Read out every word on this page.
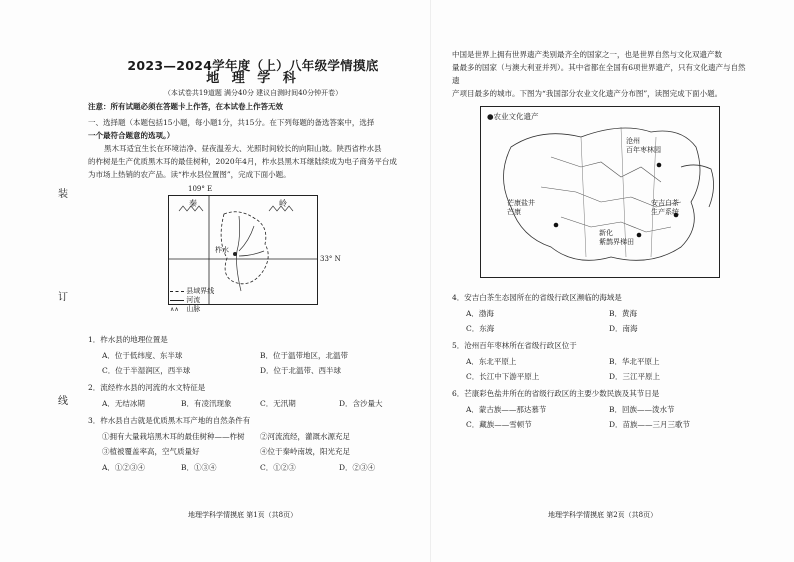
装
订
线
2023—2024学年度（上）八年级学情摸底
地 理 学 科
（本试卷共19道题 满分40分 建议自测时间40分钟开卷）
注意：所有试题必须在答题卡上作答，在本试卷上作答无效
一、选择题（本题包括15小题，每小题1分，共15分。在下列每题的备选答案中，选择
一个最符合题意的选项。）
黑木耳适宜生长在环境洁净、昼夜温差大、光照时间较长的向阳山坡。陕西省柞水县
的柞树是生产优质黑木耳的最佳树种，2020年4月，柞水县黑木耳继陆续成为电子商务平台成
为市场上热销的农产品。读“柞水县位置图”，完成下面小题。
109° E
秦	岭
柞水
33° N
县域界线
河流
∧∧ 山脉
1．柞水县的地理位置是
A．位于低纬度、东半球	B．位于温带地区，北温带
C．位于半湿润区，西半球	D．位于北温带、西半球
2．流经柞水县的河流的水文特征是
A．无结冰期	B．有凌汛现象	C．无汛期	D．含沙量大
3．柞水县自古就是优质黑木耳产地的自然条件有
①拥有大量栽培黑木耳的最佳树种——柞树	②河流流经，灌溉水源充足
③植被覆盖率高，空气质量好	④位于秦岭南坡，阳光充足
A．①②③④	B．①③④	C．①②③	D．②③④
地理学科学情摸底 第1页（共8页）
中国是世界上拥有世界遗产类别最齐全的国家之一，也是世界自然与文化双遗产数
量最多的国家（与澳大利亚并列）。其中省都在全国有6项世界遗产，只有文化遗产与自然遗
产项目最多的城市。下图为“我国部分农业文化遗产分布图”，读图完成下面小题。
●农业文化遗产
沧州
百年枣林园
芒康盐井
芒康
安吉白茶
生产系统
新化
紫鹊界梯田
4．安吉白茶生态园所在的省级行政区濒临的海域是
A．渤海	B．黄海
C．东海	D．南海
5．沧州百年枣林所在省级行政区位于
A．东北平原上	B．华北平原上
C．长江中下游平原上	D．三江平原上
6．芒康彩色盐井所在的省级行政区的主要少数民族及其节日是
A．蒙古族——那达慕节	B．回族——泼水节
C．藏族——雪顿节	D．苗族——三月三歌节
地理学科学情摸底 第2页（共8页）
